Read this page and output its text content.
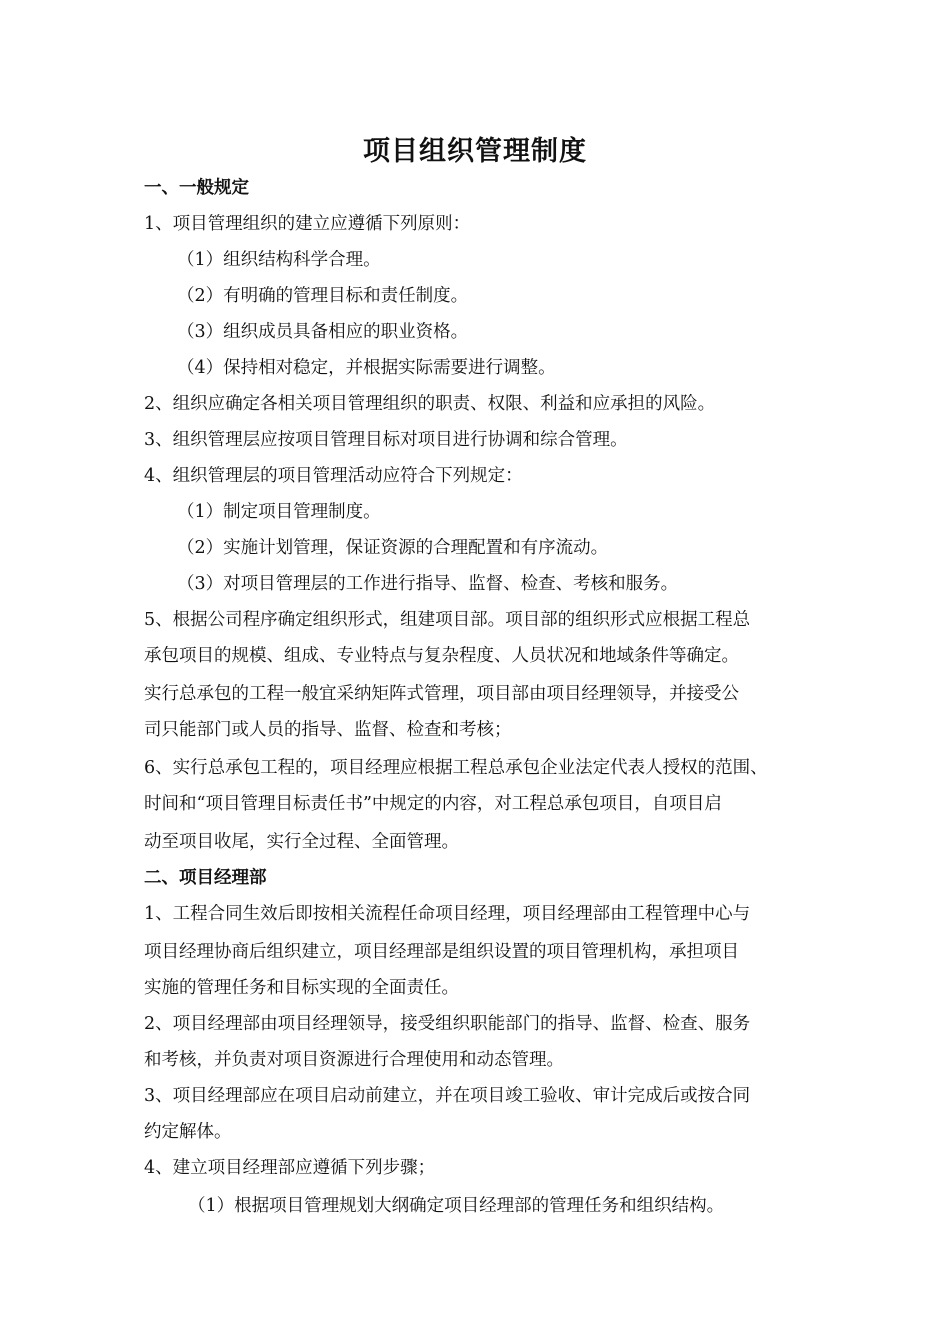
项目组织管理制度

一、一般规定

1、项目管理组织的建立应遵循下列原则：

（1）组织结构科学合理。

（2）有明确的管理目标和责任制度。

（3）组织成员具备相应的职业资格。

（4）保持相对稳定，并根据实际需要进行调整。

2、组织应确定各相关项目管理组织的职责、权限、利益和应承担的风险。

3、组织管理层应按项目管理目标对项目进行协调和综合管理。

4、组织管理层的项目管理活动应符合下列规定：

（1）制定项目管理制度。

（2）实施计划管理，保证资源的合理配置和有序流动。

（3）对项目管理层的工作进行指导、监督、检查、考核和服务。

5、根据公司程序确定组织形式，组建项目部。项目部的组织形式应根据工程总

承包项目的规模、组成、专业特点与复杂程度、人员状况和地域条件等确定。

实行总承包的工程一般宜采纳矩阵式管理，项目部由项目经理领导，并接受公

司只能部门或人员的指导、监督、检查和考核；

6、实行总承包工程的，项目经理应根据工程总承包企业法定代表人授权的范围、

时间和“项目管理目标责任书”中规定的内容，对工程总承包项目，自项目启

动至项目收尾，实行全过程、全面管理。

二、项目经理部

1、工程合同生效后即按相关流程任命项目经理，项目经理部由工程管理中心与

项目经理协商后组织建立，项目经理部是组织设置的项目管理机构，承担项目

实施的管理任务和目标实现的全面责任。

2、项目经理部由项目经理领导，接受组织职能部门的指导、监督、检查、服务

和考核，并负责对项目资源进行合理使用和动态管理。

3、项目经理部应在项目启动前建立，并在项目竣工验收、审计完成后或按合同

约定解体。

4、建立项目经理部应遵循下列步骤；

（1）根据项目管理规划大纲确定项目经理部的管理任务和组织结构。
